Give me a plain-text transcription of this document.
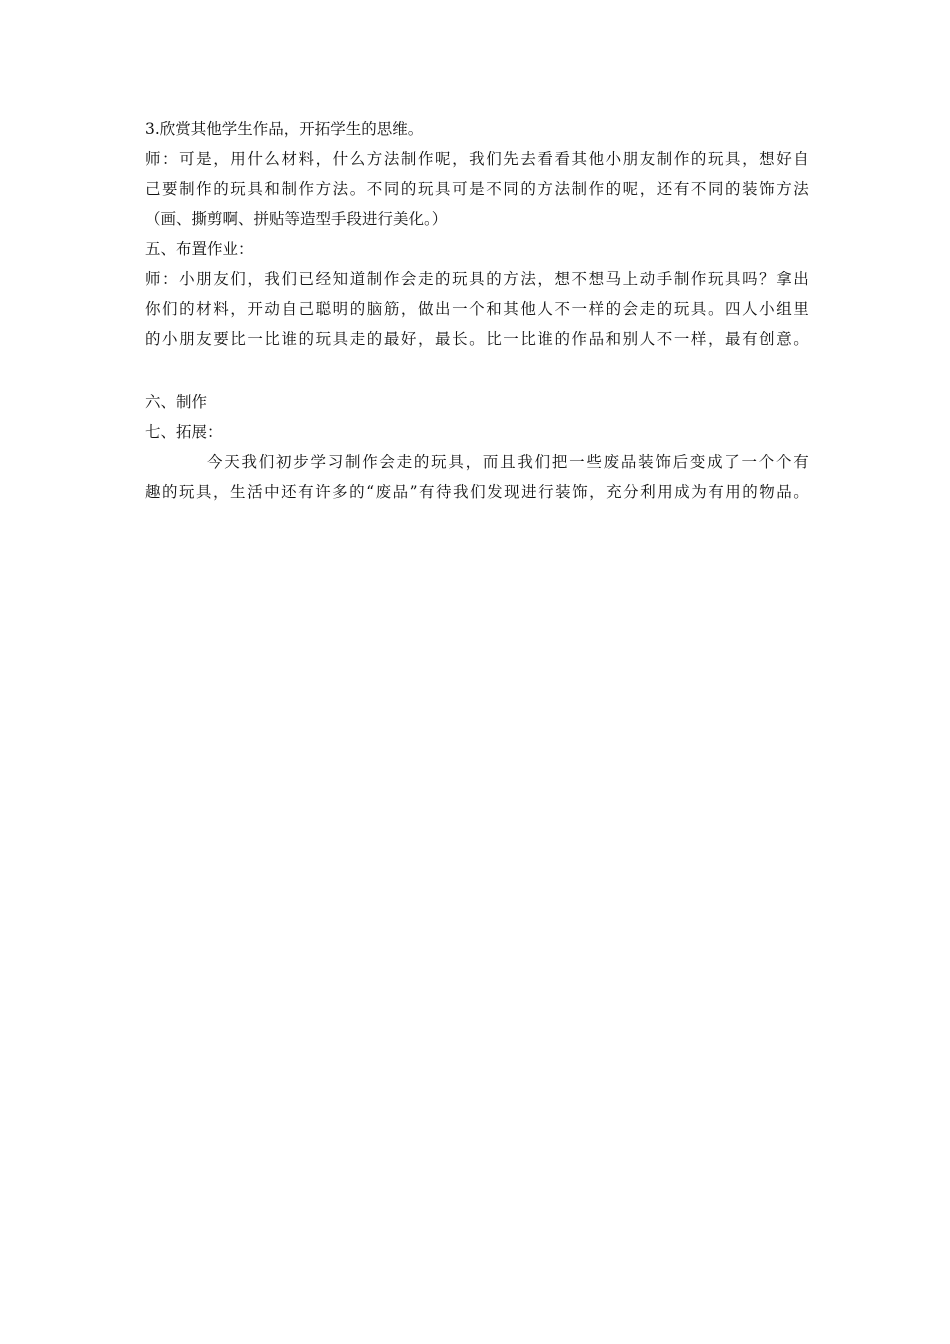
3.欣赏其他学生作品，开拓学生的思维。

师：可是，用什么材料，什么方法制作呢，我们先去看看其他小朋友制作的玩具，想好自

己要制作的玩具和制作方法。不同的玩具可是不同的方法制作的呢，还有不同的装饰方法

（画、撕剪啊、拼贴等造型手段进行美化。）

五、布置作业：

师：小朋友们，我们已经知道制作会走的玩具的方法，想不想马上动手制作玩具吗？拿出

你们的材料，开动自己聪明的脑筋，做出一个和其他人不一样的会走的玩具。四人小组里

的小朋友要比一比谁的玩具走的最好，最长。比一比谁的作品和别人不一样，最有创意。

六、制作

七、拓展：

今天我们初步学习制作会走的玩具，而且我们把一些废品装饰后变成了一个个有

趣的玩具，生活中还有许多的“废品”有待我们发现进行装饰，充分利用成为有用的物品。
